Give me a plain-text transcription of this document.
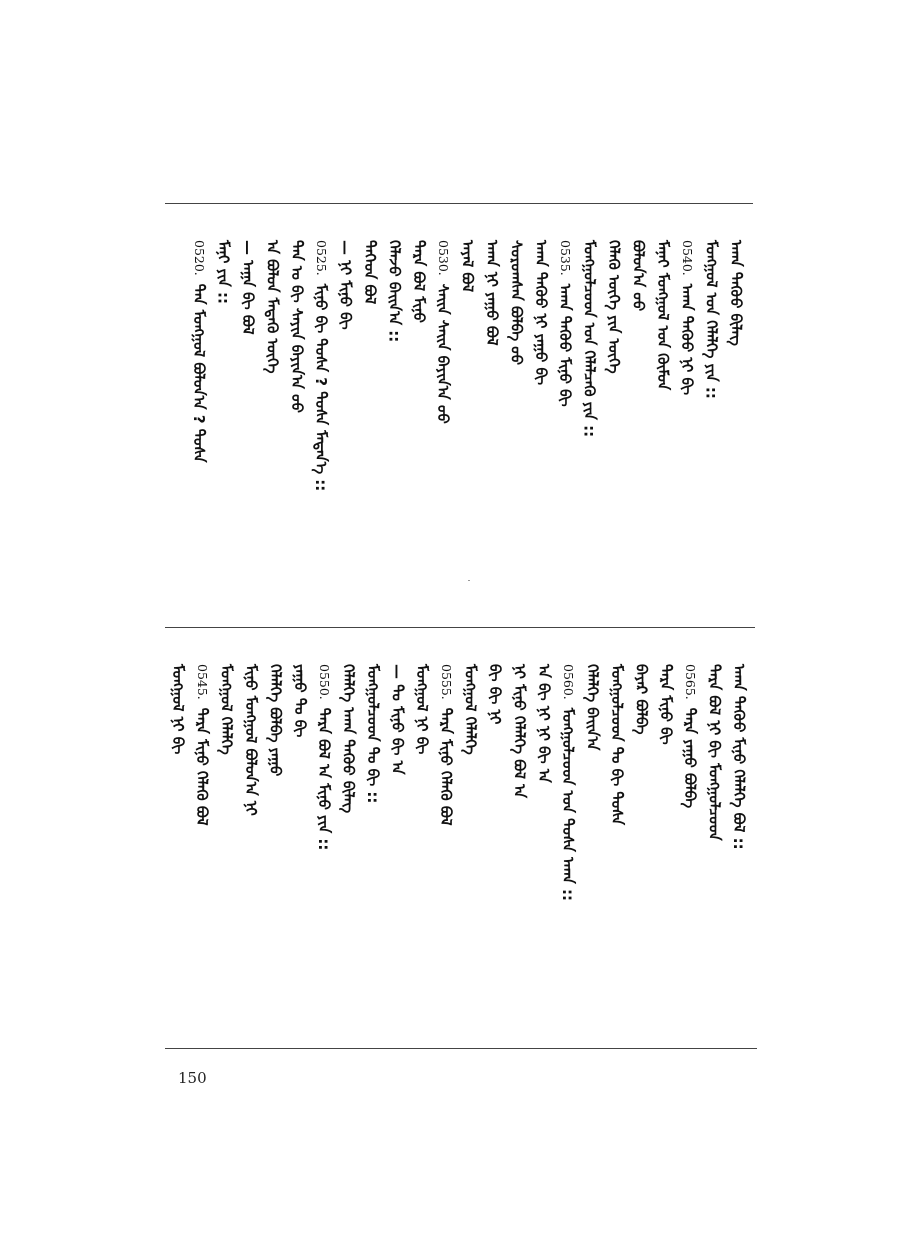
ᠠᠬᠠ ᠳᠡᠭᠦᠦ ᠪᠢᠯᠡᠭ
ᠮᠣᠩᠭᠣᠯ ᠤᠨ ᠬᠡᠯᠡᠯᠭᠡ ᠶᠢᠨ ::
0540.ᠠᠬᠠ ᠳᠡᠭᠦᠦ ᠨᠢ ᠪᠢ
ᠮᠠᠨᠠᠢ ᠮᠣᠩᠭᠣᠯ ᠤᠨ ᠬᠦᠮᠦᠨ
ᠪᠣᠯᠤᠨ᠎ᠠ ᠤᠤ
ᠬᠡᠯᠡᠬᠦ ᠦᠭᠡ ᠶᠢᠨ ᠦᠭᠡ
ᠮᠣᠩᠭᠣᠯᠴᠤᠳ ᠤᠨ ᠬᠡᠯᠡᠯᠴᠡᠬᠦ ᠶᠢᠨ ::
0535.ᠠᠬᠠ ᠳᠡᠭᠦᠦ ᠮᠢᠨᠦ ᠪᠢ
ᠠᠬᠠ ᠳᠡᠭᠦᠦ ᠨᠢ ᠶᠠᠭᠤ ᠪᠢ
ᠰᠤᠷᠤᠭᠰᠠᠨ ᠪᠣᠯᠪᠠ ᠤᠤ
ᠠᠬᠠ ᠨᠢ ᠶᠠᠭᠤ ᠪᠣᠯ
ᠠᠶᠠᠯ ᠪᠣᠯ
0530.ᠰᠠᠢᠨ ᠰᠠᠢᠨ ᠪᠠᠶᠢᠨ᠎ᠠ ᠤᠤ
ᠲᠡᠷᠡ ᠪᠣᠯ ᠮᠢᠨᠦ
ᠬᠡᠯᠡᠵᠦ ᠪᠠᠢᠨ᠎ᠠ ::
ᠲᠡᠭᠡᠳ ᠪᠣᠯ
— ᠨᠢ ᠮᠢᠨᠦ ᠪᠢ
0525.ᠮᠢᠨᠦ ᠪᠢ ᠲᠤᠰᠠ ? ᠲᠤᠰᠠ ᠮᠡᠳᠡᠨ᠎ᠡ ::
ᠲᠠᠨ ᠤ ᠪᠢ ᠰᠠᠶᠢᠨ ᠪᠠᠶᠢᠨ᠎ᠠ ᠤᠤ
ᠠ ᠪᠣᠯᠤᠨ ᠮᠡᠳᠡᠬᠦ ᠦᠭᠡ
— ᠠᠭᠠ ᠪᠢ ᠪᠣᠯ
ᠮᠠᠨᠢ ᠶᠢᠨ ::
0520.ᠲᠠᠨ ᠮᠣᠩᠭᠣᠯ ᠪᠣᠯᠤᠨ᠎ᠠ ? ᠲᠤᠰᠠ
ᠠᠬᠠ ᠳᠡᠭᠦᠦ ᠮᠢᠨᠦ ᠬᠡᠯᠡᠯᠭᠡ ᠪᠣᠯ ::
ᠲᠡᠷᠡ ᠪᠣᠯ ᠨᠢ ᠪᠢ ᠮᠣᠩᠭᠣᠯᠴᠤᠳ
0565.ᠲᠡᠷᠡ ᠶᠠᠭᠤ ᠪᠣᠯᠪᠠ
ᠲᠡᠷᠡ ᠮᠢᠨᠦ ᠪᠢ
ᠪᠠᠶᠠᠷ ᠪᠣᠯᠪᠠ
ᠮᠣᠩᠭᠣᠯᠴᠤᠳ ᠲᠤ ᠪᠢ ᠲᠤᠰᠠ
ᠬᠡᠯᠡᠯᠭᠡ ᠪᠠᠢᠨ᠎ᠠ
0560.ᠮᠣᠩᠭᠣᠯᠴᠤᠳ ᠤᠨ ᠲᠤᠰᠠ ᠠᠬᠠ ::
ᠠ ᠪᠢ ᠨᠢ ᠨᠢ ᠪᠢ ᠠ
ᠨᠢ ᠮᠢᠨᠦ ᠬᠡᠯᠡᠯᠭᠡ ᠪᠣᠯ ᠠ
ᠪᠢ ᠪᠢ ᠨᠢ
ᠮᠣᠩᠭᠣᠯ ᠬᠡᠯᠡᠯᠭᠡ
0555.ᠲᠡᠷᠡ ᠮᠢᠨᠦ ᠬᠡᠯᠡᠬᠦ ᠪᠣᠯ
ᠮᠣᠩᠭᠣᠯ ᠨᠢ ᠪᠢ
— ᠲᠤ ᠮᠢᠨᠦ ᠪᠢ ᠠ
ᠮᠣᠩᠭᠣᠯᠴᠤᠳ ᠲᠤ ᠪᠢ ::
ᠬᠡᠯᠡᠯᠭᠡ ᠠᠬᠠ ᠳᠡᠭᠦᠦ ᠪᠢᠯᠡᠭ
0550.ᠲᠡᠷᠡ ᠪᠣᠯ ᠠ ᠮᠢᠨᠦ ᠶᠢᠨ ::
ᠶᠠᠭᠤ ᠲᠤ ᠪᠢ
ᠬᠡᠯᠡᠯᠭᠡ ᠪᠣᠯᠪᠠ ᠶᠠᠭᠤ
ᠮᠢᠨᠦ ᠮᠣᠩᠭᠣᠯ ᠪᠣᠯᠤᠨ᠎ᠠ ᠨᠢ
ᠮᠣᠩᠭᠣᠯ ᠬᠡᠯᠡᠯᠭᠡ
0545.ᠲᠡᠷᠡ ᠮᠢᠨᠦ ᠬᠡᠯᠡᠬᠦ ᠪᠣᠯ
ᠮᠣᠩᠭᠣᠯ ᠨᠢ ᠪᠢ
150
